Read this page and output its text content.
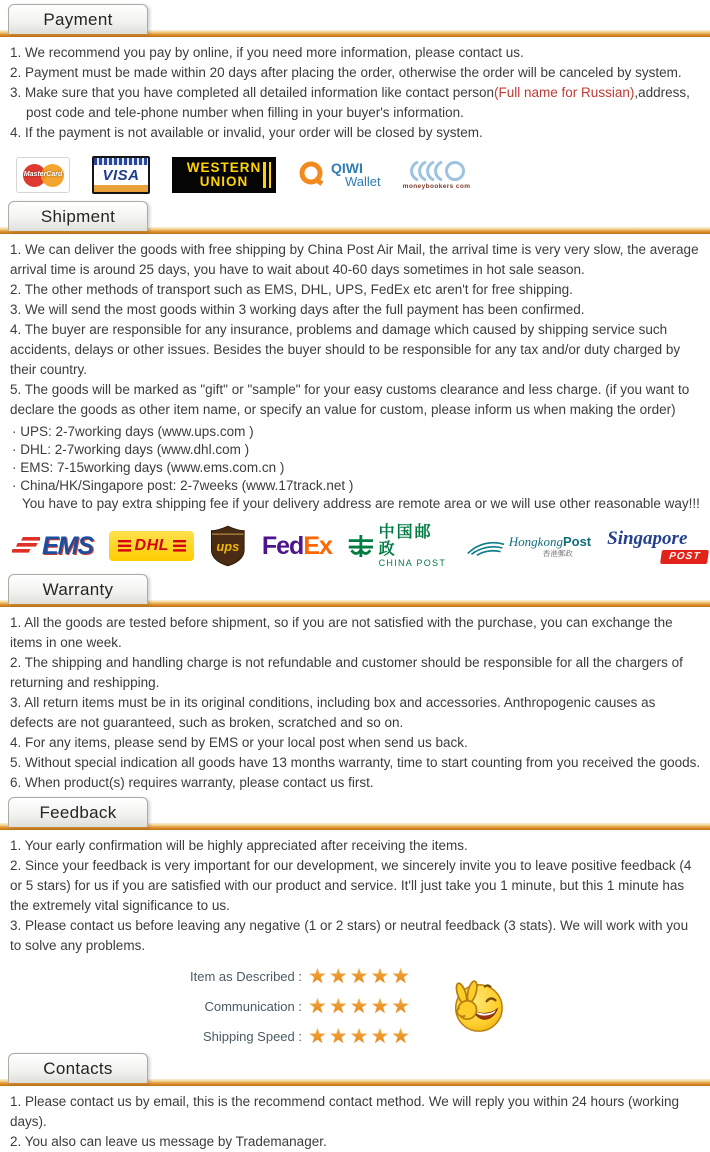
Payment

1. We recommend you pay by online, if you need more information, please contact us.

2. Payment must be made within 20 days after placing the order, otherwise the order will be canceled by system.

3. Make sure that you have completed all detailed information like contact person(Full name for Russian),address, post code and tele-phone number when filling in your buyer's information.

4. If the payment is not available or invalid, your order will be closed by system.

MasterCard	VISA	WESTERN
UNION
QIWI
Wallet	moneybookers com
Shipment

1. We can deliver the goods with free shipping by China Post Air Mail, the arrival time is very very slow, the average arrival time is around 25 days, you have to wait about 40-60 days sometimes in hot sale season.

2. The other methods of transport such as EMS, DHL, UPS, FedEx etc aren't for free shipping.

3. We will send the most goods within 3 working days after the full payment has been confirmed.

4. The buyer are responsible for any insurance, problems and damage which caused by shipping service such accidents, delays or other issues. Besides the buyer should to be responsible for any tax and/or duty charged by their country.

5. The goods will be marked as "gift" or "sample" for your easy customs clearance and less charge. (if you want to declare the goods as other item name, or specify an value for custom, please inform us when making the order)

· UPS: 2-7working days (www.ups.com )

· DHL: 2-7working days (www.dhl.com )

· EMS: 7-15working days (www.ems.com.cn )

· China/HK/Singapore post: 2-7weeks (www.17track.net )

You have to pay extra shipping fee if your delivery address are remote area or we will use other reasonable way!!!

EMS	DHL	ups FedEx	中国邮政
CHINA POST
HongkongPost
香港郵政
Singapore
POST
Warranty

1. All the goods are tested before shipment, so if you are not satisfied with the purchase, you can exchange the items in one week.

2. The shipping and handling charge is not refundable and customer should be responsible for all the chargers of returning and reshipping.

3. All return items must be in its original conditions, including box and accessories. Anthropogenic causes as defects are not guaranteed, such as broken, scratched and so on.

4. For any items, please send by EMS or your local post when send us back.

5. Without special indication all goods have 13 months warranty, time to start counting from you received the goods.

6. When product(s) requires warranty, please contact us first.

Feedback

1. Your early confirmation will be highly appreciated after receiving the items.

2. Since your feedback is very important for our development, we sincerely invite you to leave positive feedback (4 or 5 stars) for us if you are satisfied with our product and service. It'll just take you 1 minute, but this 1 minute has the extremely vital significance to us.

3. Please contact us before leaving any negative (1 or 2 stars) or neutral feedback (3 stats). We will work with you to solve any problems.

Item as Described : ★★★★★
Communication : ★★★★★
Shipping Speed : ★★★★★
Contacts

1. Please contact us by email, this is the recommend contact method. We will reply you within 24 hours (working days).

2. You also can leave us message by Trademanager.
